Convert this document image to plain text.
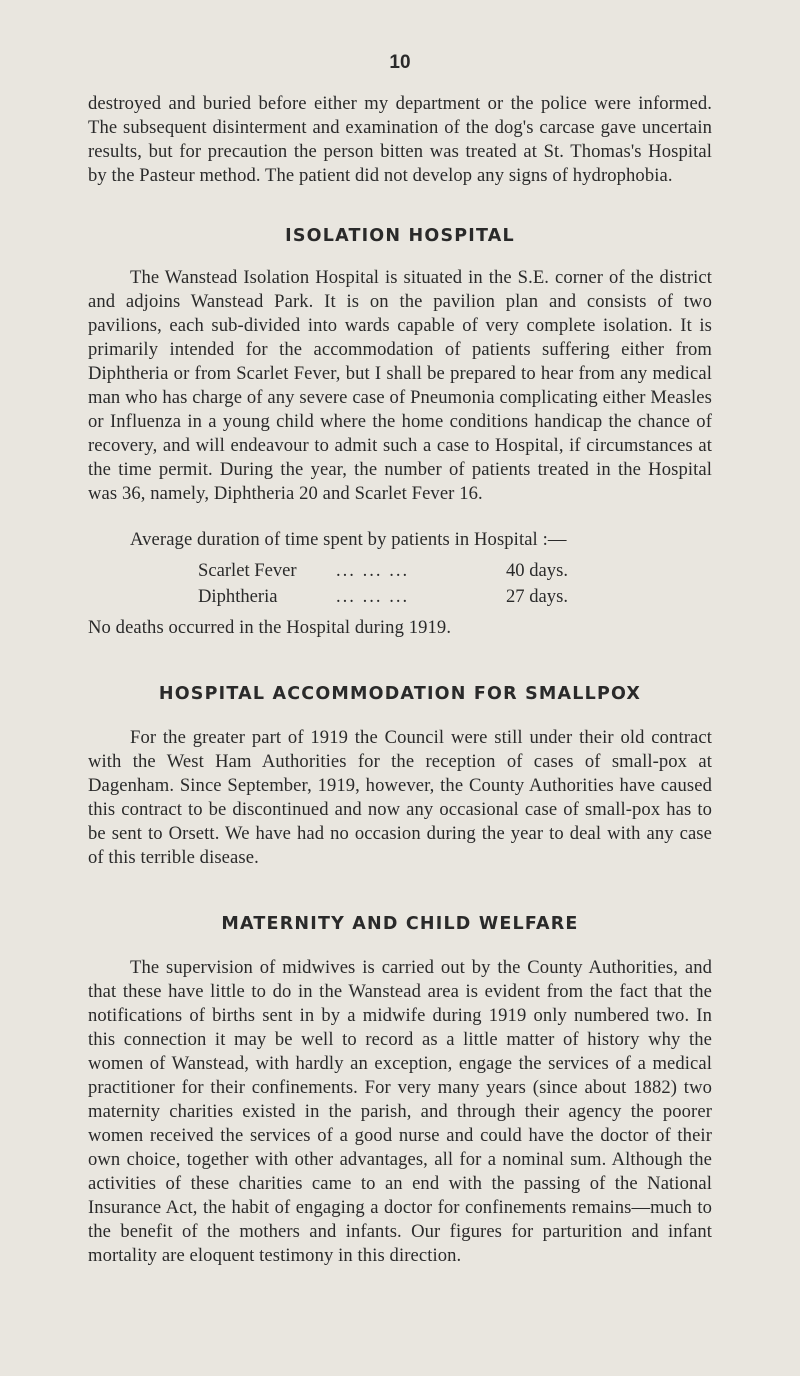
10

destroyed and buried before either my department or the police were informed. The subsequent disinterment and examination of the dog's carcase gave uncertain results, but for precaution the person bitten was treated at St. Thomas's Hospital by the Pasteur method. The patient did not develop any signs of hydrophobia.

ISOLATION HOSPITAL

The Wanstead Isolation Hospital is situated in the S.E. corner of the district and adjoins Wanstead Park. It is on the pavilion plan and consists of two pavilions, each sub-divided into wards capable of very complete isolation. It is primarily intended for the accommodation of patients suffering either from Diphtheria or from Scarlet Fever, but I shall be prepared to hear from any medical man who has charge of any severe case of Pneumonia complicating either Measles or Influenza in a young child where the home conditions handicap the chance of recovery, and will endeavour to admit such a case to Hospital, if circumstances at the time permit. During the year, the number of patients treated in the Hospital was 36, namely, Diphtheria 20 and Scarlet Fever 16.

Average duration of time spent by patients in Hospital :—

Scarlet Fever	... ... ...	40 days.
Diphtheria	... ... ...	27 days.

No deaths occurred in the Hospital during 1919.

HOSPITAL ACCOMMODATION FOR SMALLPOX

For the greater part of 1919 the Council were still under their old contract with the West Ham Authorities for the reception of cases of small-pox at Dagenham. Since September, 1919, however, the County Authorities have caused this contract to be discontinued and now any occasional case of small-pox has to be sent to Orsett. We have had no occasion during the year to deal with any case of this terrible disease.

MATERNITY AND CHILD WELFARE

The supervision of midwives is carried out by the County Authorities, and that these have little to do in the Wanstead area is evident from the fact that the notifications of births sent in by a midwife during 1919 only numbered two. In this connection it may be well to record as a little matter of history why the women of Wanstead, with hardly an exception, engage the services of a medical practitioner for their confinements. For very many years (since about 1882) two maternity charities existed in the parish, and through their agency the poorer women received the services of a good nurse and could have the doctor of their own choice, together with other advantages, all for a nominal sum. Although the activities of these charities came to an end with the passing of the National Insurance Act, the habit of engaging a doctor for confinements remains—much to the benefit of the mothers and infants. Our figures for parturition and infant mortality are eloquent testimony in this direction.
